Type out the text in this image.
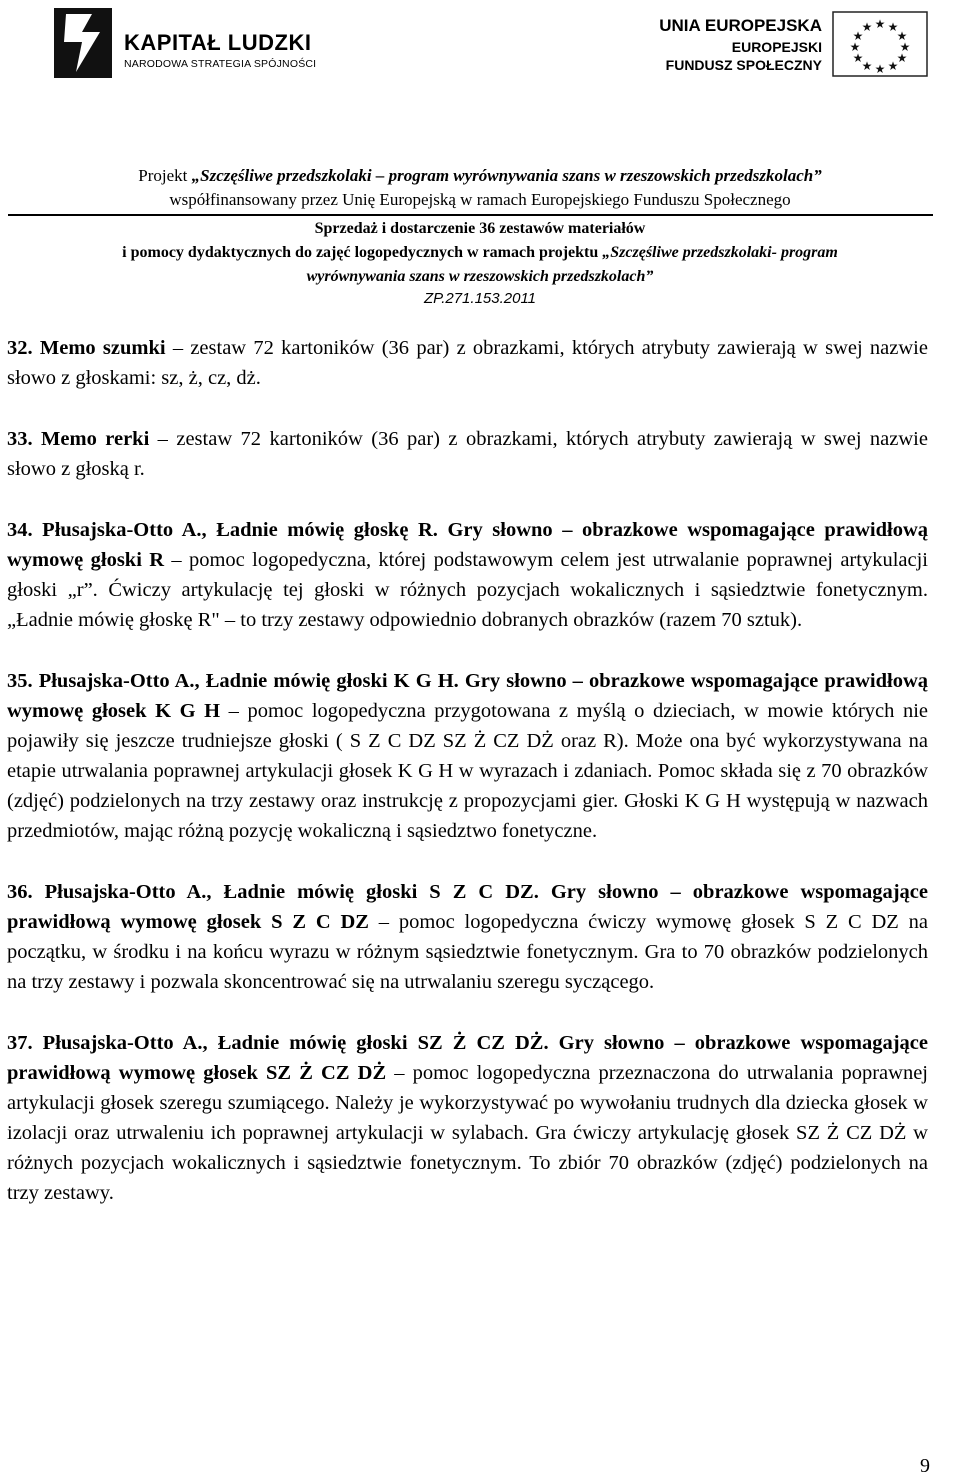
KAPITAŁ LUDZKI
NARODOWA STRATEGIA SPÓJNOŚCI
UNIA EUROPEJSKA
EUROPEJSKI
FUNDUSZ SPOŁECZNY
★ ★
★
★
★
★
★
★
★
★
★
★
Projekt „Szczęśliwe przedszkolaki – program wyrównywania szans w rzeszowskich przedszkolach”
współfinansowany przez Unię Europejską w ramach Europejskiego Funduszu Społecznego
Sprzedaż i dostarczenie 36 zestawów materiałów
i pomocy dydaktycznych do zajęć logopedycznych w ramach projektu „Szczęśliwe przedszkolaki- program
wyrównywania szans w rzeszowskich przedszkolach”
ZP.271.153.2011

32. Memo szumki – zestaw 72 kartoników (36 par) z obrazkami, których atrybuty zawierają w swej nazwie słowo z głoskami: sz, ż, cz, dż.

33. Memo rerki – zestaw 72 kartoników (36 par) z obrazkami, których atrybuty zawierają w swej nazwie słowo z głoską r.

34. Płusajska-Otto A., Ładnie mówię głoskę R. Gry słowno – obrazkowe wspomagające prawidłową wymowę głoski R – pomoc logopedyczna, której podstawowym celem jest utrwalanie poprawnej artykulacji głoski „r”. Ćwiczy artykulację tej głoski w różnych pozycjach wokalicznych i sąsiedztwie fonetycznym. „Ładnie mówię głoskę R" – to trzy zestawy odpowiednio dobranych obrazków (razem 70 sztuk).

35. Płusajska-Otto A., Ładnie mówię głoski K G H. Gry słowno – obrazkowe wspomagające prawidłową wymowę głosek K G H – pomoc logopedyczna przygotowana z myślą o dzieciach, w mowie których nie pojawiły się jeszcze trudniejsze głoski ( S Z C DZ SZ Ż CZ DŻ oraz R). Może ona być wykorzystywana na etapie utrwalania poprawnej artykulacji głosek K G H w wyrazach i zdaniach. Pomoc składa się z 70 obrazków (zdjęć) podzielonych na trzy zestawy oraz instrukcję z propozycjami gier. Głoski K G H występują w nazwach przedmiotów, mając różną pozycję wokaliczną i sąsiedztwo fonetyczne.

36. Płusajska-Otto A., Ładnie mówię głoski S Z C DZ. Gry słowno – obrazkowe wspomagające prawidłową wymowę głosek S Z C DZ – pomoc logopedyczna ćwiczy wymowę głosek S Z C DZ na początku, w środku i na końcu wyrazu w różnym sąsiedztwie fonetycznym. Gra to 70 obrazków podzielonych na trzy zestawy i pozwala skoncentrować się na utrwalaniu szeregu syczącego.

37. Płusajska-Otto A., Ładnie mówię głoski SZ Ż CZ DŻ. Gry słowno – obrazkowe wspomagające prawidłową wymowę głosek SZ Ż CZ DŻ – pomoc logopedyczna przeznaczona do utrwalania poprawnej artykulacji głosek szeregu szumiącego. Należy je wykorzystywać po wywołaniu trudnych dla dziecka głosek w izolacji oraz utrwaleniu ich poprawnej artykulacji w sylabach. Gra ćwiczy artykulację głosek SZ Ż CZ DŻ w różnych pozycjach wokalicznych i sąsiedztwie fonetycznym. To zbiór 70 obrazków (zdjęć) podzielonych na trzy zestawy.

9
